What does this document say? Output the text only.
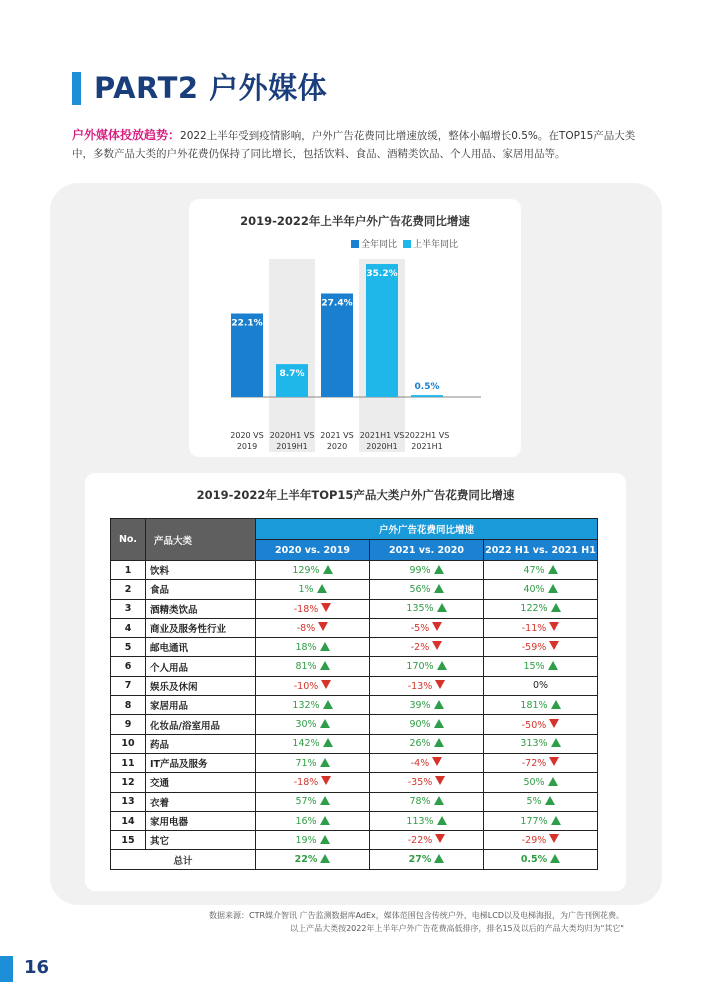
PART2 户外媒体
户外媒体投放趋势：2022上半年受到疫情影响，户外广告花费同比增速放缓，整体小幅增长0.5%。在TOP15产品大类中，多数产品大类的户外花费仍保持了同比增长，包括饮料、食品、酒精类饮品、个人用品、家居用品等。
2019-2022年上半年户外广告花费同比增速
全年同比	上半年同比
22.1%
2020 VS
2019
8.7%
2020H1 VS
2019H1
27.4%
2021 VS
2020
35.2%
2021H1 VS
2020H1
0.5%
2022H1 VS
2021H1
2019-2022年上半年TOP15产品大类户外广告花费同比增速
No.	产品大类	户外广告花费同比增速		
		2020 vs. 2019	2021 vs. 2020	2022 H1 vs. 2021 H1
1	饮料	129%	99%	47%
2	食品	1%	56%	40%
3	酒精类饮品	-18%	135%	122%
4	商业及服务性行业	-8%	-5%	-11%
5	邮电通讯	18%	-2%	-59%
6	个人用品	81%	170%	15%
7	娱乐及休闲	-10%	-13%	0%
8	家居用品	132%	39%	181%
9	化妆品/浴室用品	30%	90%	-50%
10	药品	142%	26%	313%
11	IT产品及服务	71%	-4%	-72%
12	交通	-18%	-35%	50%
13	衣着	57%	78%	5%
14	家用电器	16%	113%	177%
15	其它	19%	-22%	-29%
总计		22%	27%	0.5%
数据来源：CTR媒介智讯 广告监测数据库AdEx，媒体范围包含传统户外、电梯LCD以及电梯海报，为广告刊例花费。
以上产品大类按2022年上半年户外广告花费高低排序，排名15及以后的产品大类均归为"其它"
16
